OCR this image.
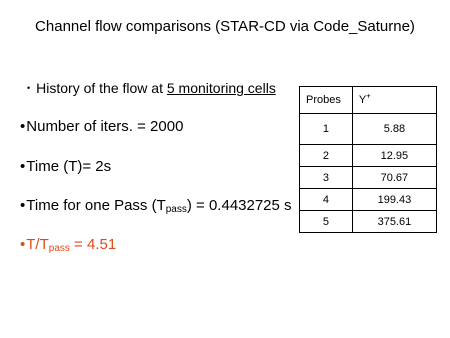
Channel flow comparisons (STAR-CD via Code_Saturne)
• History of the flow at 5 monitoring cells
•Number of iters. = 2000
•Time (T)= 2s
•Time for one Pass $(T_{pass}) = 0.4432725$ s
$•T/T_{pass} = 4.51$
Probes	Y+
1	5.88
2	12.95
3	70.67
4	199.43
5	375.61
